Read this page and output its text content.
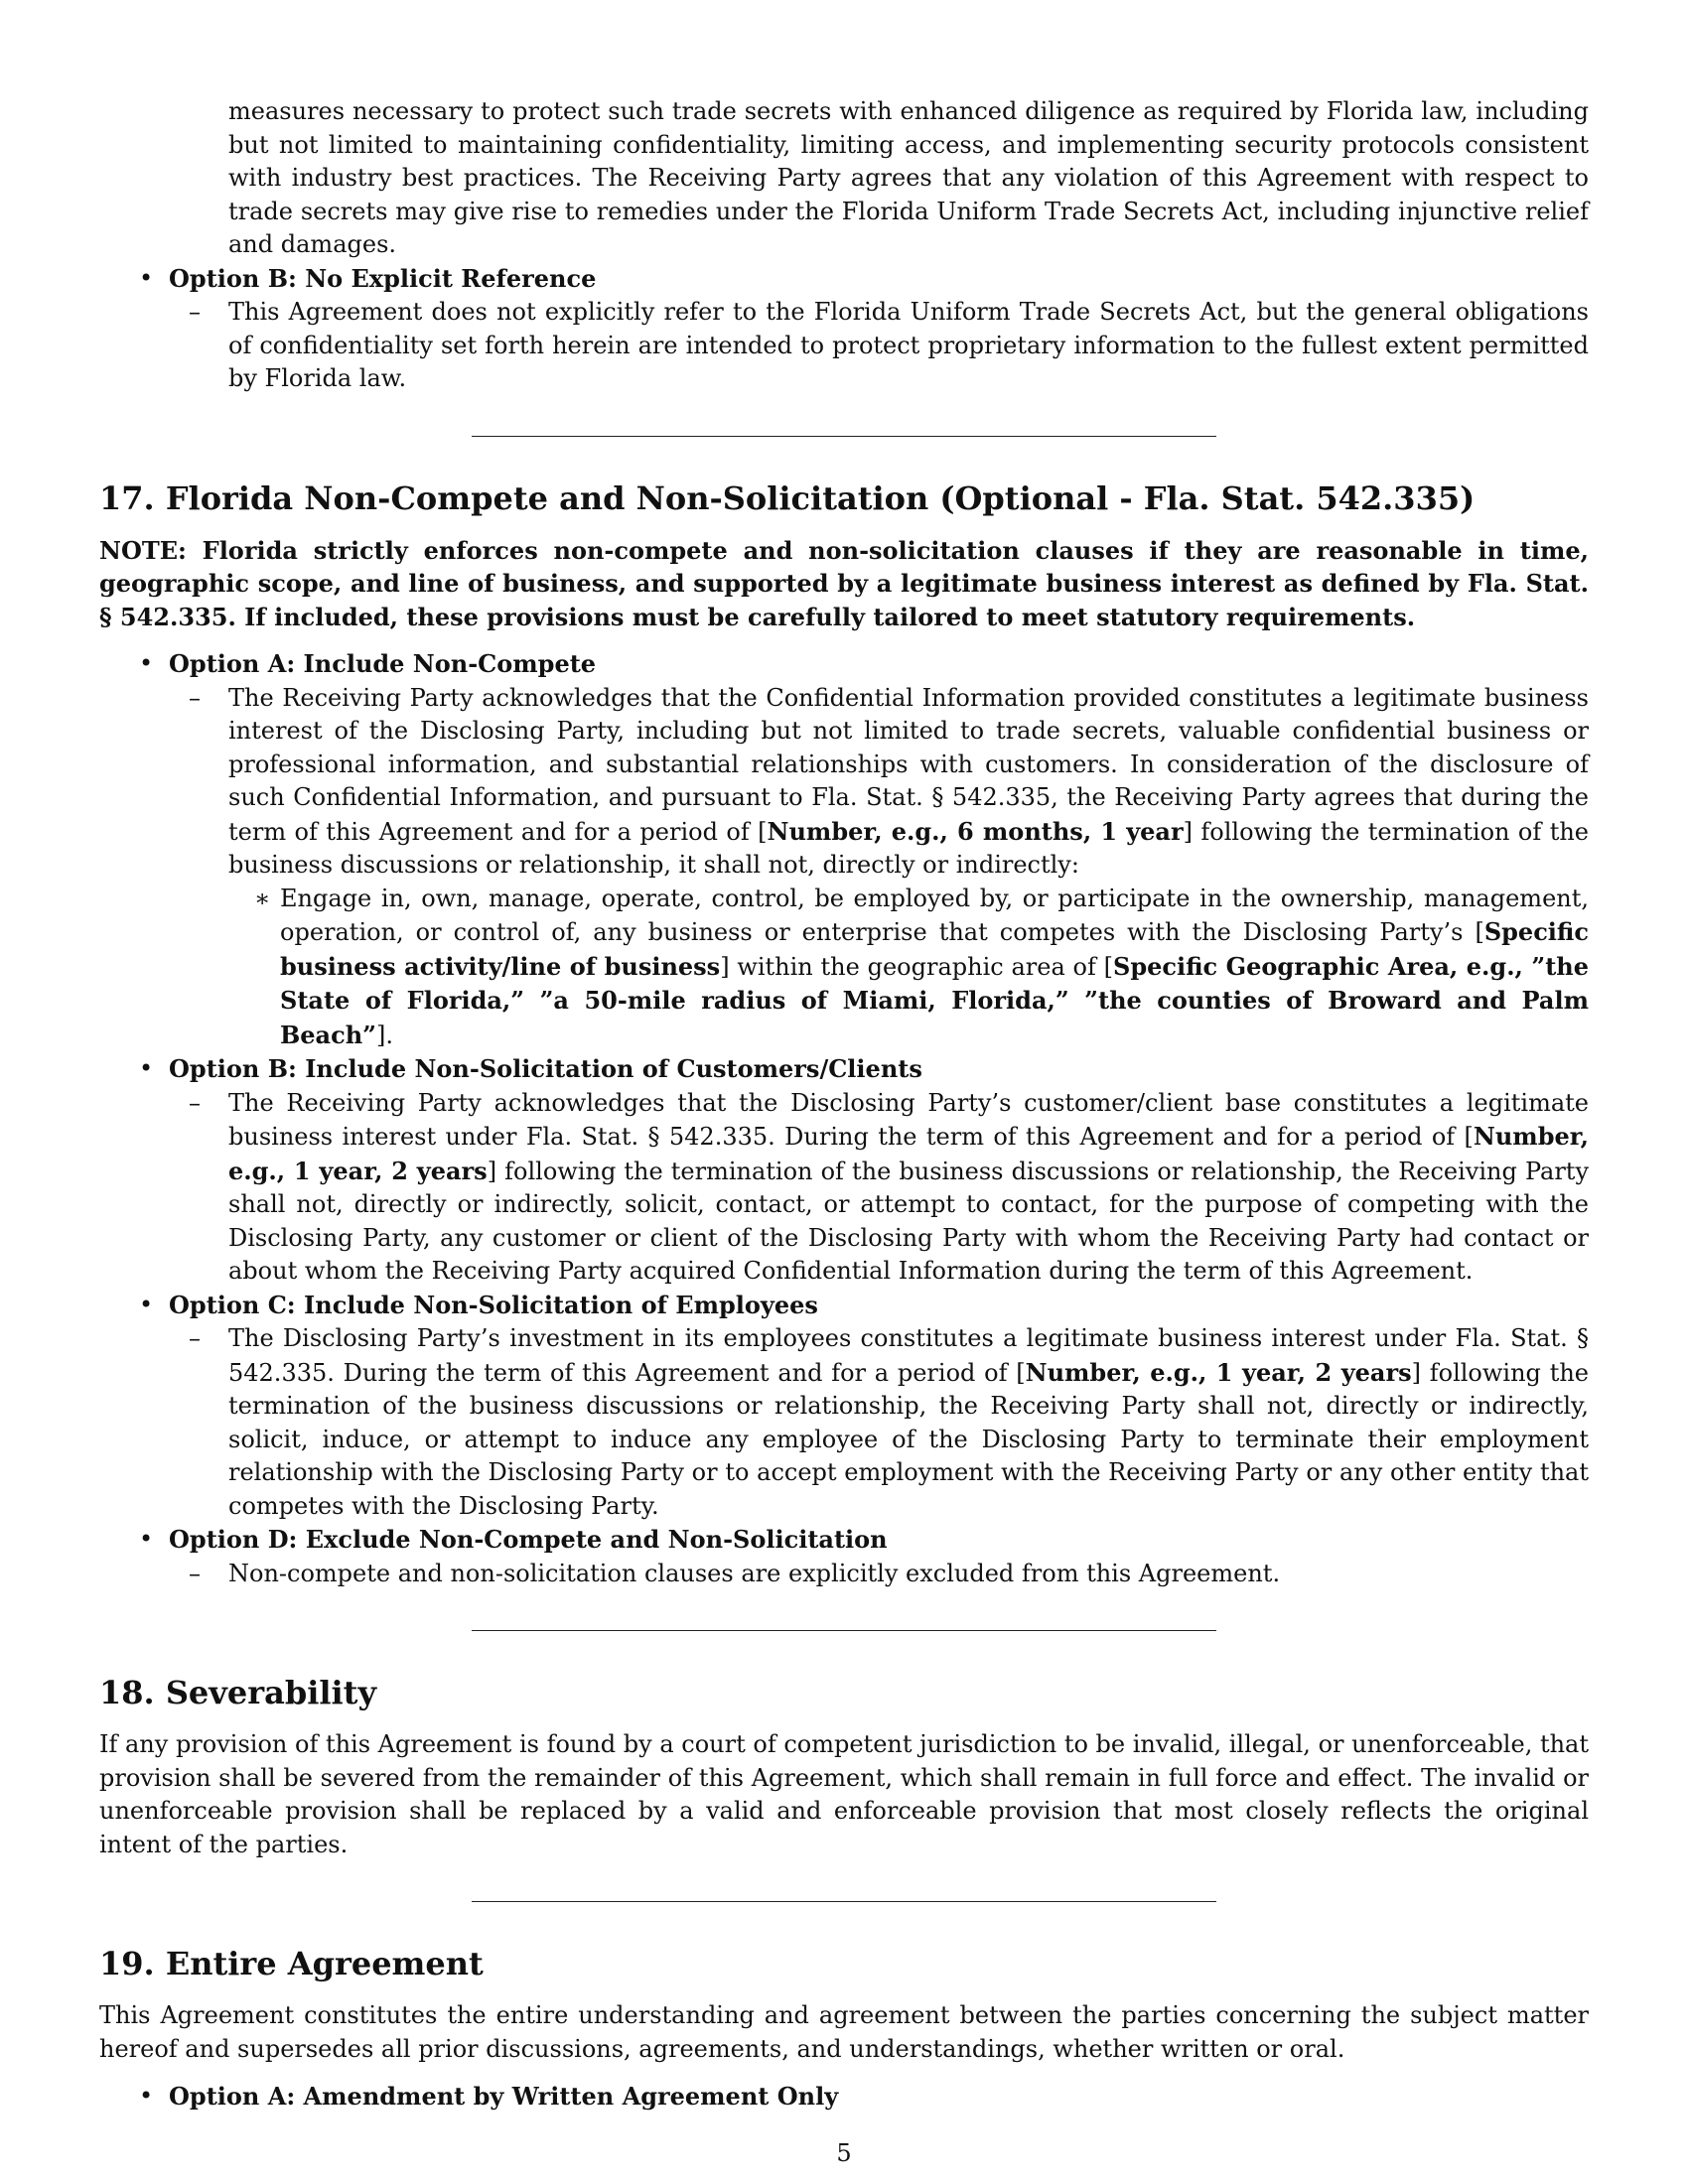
measures necessary to protect such trade secrets with enhanced diligence as required by Florida law, including but not limited to maintaining confidentiality, limiting access, and implementing security protocols consistent with industry best practices. The Receiving Party agrees that any violation of this Agreement with respect to trade secrets may give rise to remedies under the Florida Uniform Trade Secrets Act, including injunctive relief and damages.
• Option B: No Explicit Reference
– This Agreement does not explicitly refer to the Florida Uniform Trade Secrets Act, but the general obligations of confidentiality set forth herein are intended to protect proprietary information to the fullest extent permitted by Florida law.
17. Florida Non-Compete and Non-Solicitation (Optional - Fla. Stat. 542.335)
NOTE: Florida strictly enforces non-compete and non-solicitation clauses if they are reasonable in time, geographic scope, and line of business, and supported by a legitimate business interest as defined by Fla. Stat. § 542.335. If included, these provisions must be carefully tailored to meet statutory requirements.
• Option A: Include Non-Compete
– The Receiving Party acknowledges that the Confidential Information provided constitutes a legitimate business interest of the Disclosing Party, including but not limited to trade secrets, valuable confidential business or professional information, and substantial relationships with customers. In consideration of the disclosure of such Confidential Information, and pursuant to Fla. Stat. § 542.335, the Receiving Party agrees that during the term of this Agreement and for a period of [Number, e.g., 6 months, 1 year] following the termination of the business discussions or relationship, it shall not, directly or indirectly:
∗ Engage in, own, manage, operate, control, be employed by, or participate in the ownership, management, operation, or control of, any business or enterprise that competes with the Disclosing Party’s [Specific business activity/line of business] within the geographic area of [Specific Geographic Area, e.g., ”the State of Florida,” ”a 50-mile radius of Miami, Florida,” ”the counties of Broward and Palm Beach”].
• Option B: Include Non-Solicitation of Customers/Clients
– The Receiving Party acknowledges that the Disclosing Party’s customer/client base constitutes a legitimate business interest under Fla. Stat. § 542.335. During the term of this Agreement and for a period of [Number, e.g., 1 year, 2 years] following the termination of the business discussions or relationship, the Receiving Party shall not, directly or indirectly, solicit, contact, or attempt to contact, for the purpose of competing with the Disclosing Party, any customer or client of the Disclosing Party with whom the Receiving Party had contact or about whom the Receiving Party acquired Confidential Information during the term of this Agreement.
• Option C: Include Non-Solicitation of Employees
– The Disclosing Party’s investment in its employees constitutes a legitimate business interest under Fla. Stat. § 542.335. During the term of this Agreement and for a period of [Number, e.g., 1 year, 2 years] following the termination of the business discussions or relationship, the Receiving Party shall not, directly or indirectly, solicit, induce, or attempt to induce any employee of the Disclosing Party to terminate their employment relationship with the Disclosing Party or to accept employment with the Receiving Party or any other entity that competes with the Disclosing Party.
• Option D: Exclude Non-Compete and Non-Solicitation
– Non-compete and non-solicitation clauses are explicitly excluded from this Agreement.
18. Severability

If any provision of this Agreement is found by a court of competent jurisdiction to be invalid, illegal, or unenforceable, that provision shall be severed from the remainder of this Agreement, which shall remain in full force and effect. The invalid or unenforceable provision shall be replaced by a valid and enforceable provision that most closely reflects the original intent of the parties.

19. Entire Agreement

This Agreement constitutes the entire understanding and agreement between the parties concerning the subject matter hereof and supersedes all prior discussions, agreements, and understandings, whether written or oral.

• Option A: Amendment by Written Agreement Only
5
